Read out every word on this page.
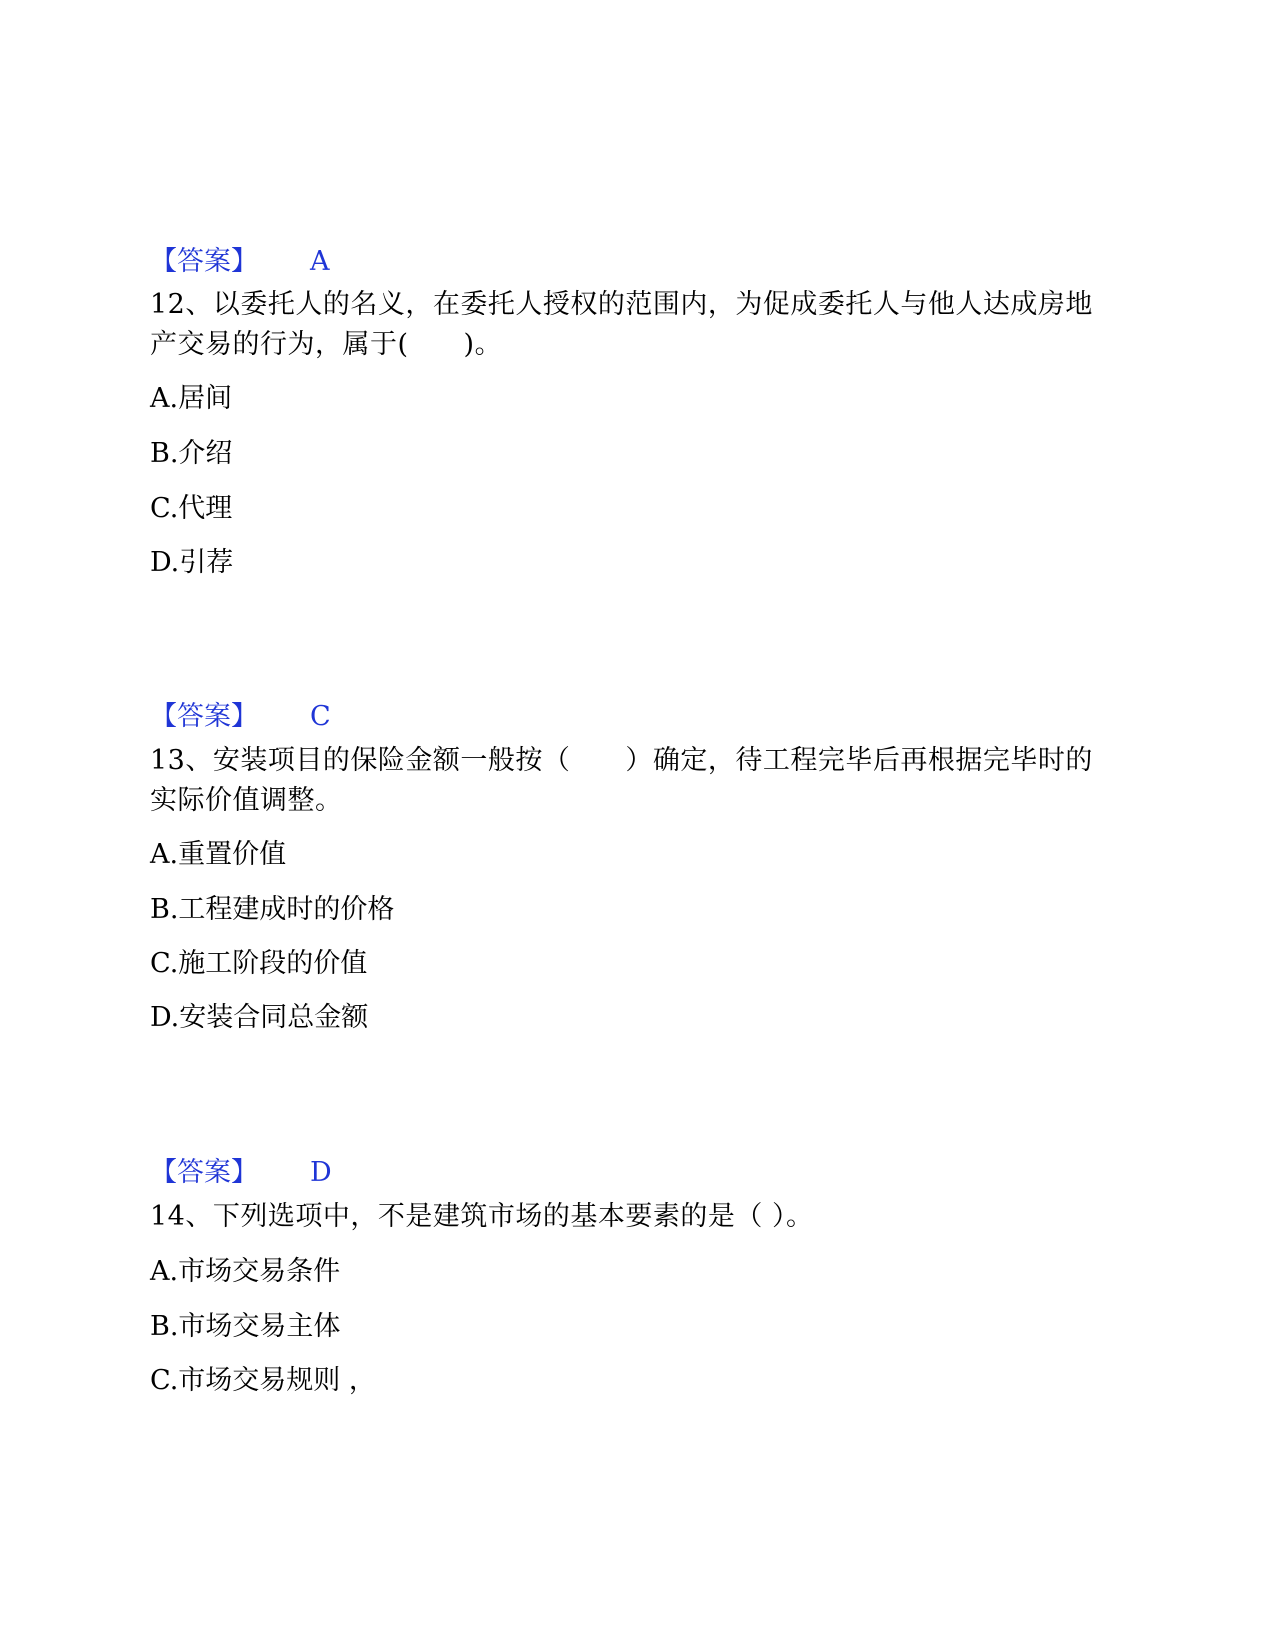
【答案】 A
12、以委托人的名义，在委托人授权的范围内，为促成委托人与他人达成房地产交易的行为，属于(　　)。
A.居间
B.介绍
C.代理
D.引荐
【答案】 C
13、安装项目的保险金额一般按（　　）确定，待工程完毕后再根据完毕时的实际价值调整。
A.重置价值
B.工程建成时的价格
C.施工阶段的价值
D.安装合同总金额
【答案】 D
14、下列选项中，不是建筑市场的基本要素的是（ ）。
A.市场交易条件
B.市场交易主体
C.市场交易规则 ，
